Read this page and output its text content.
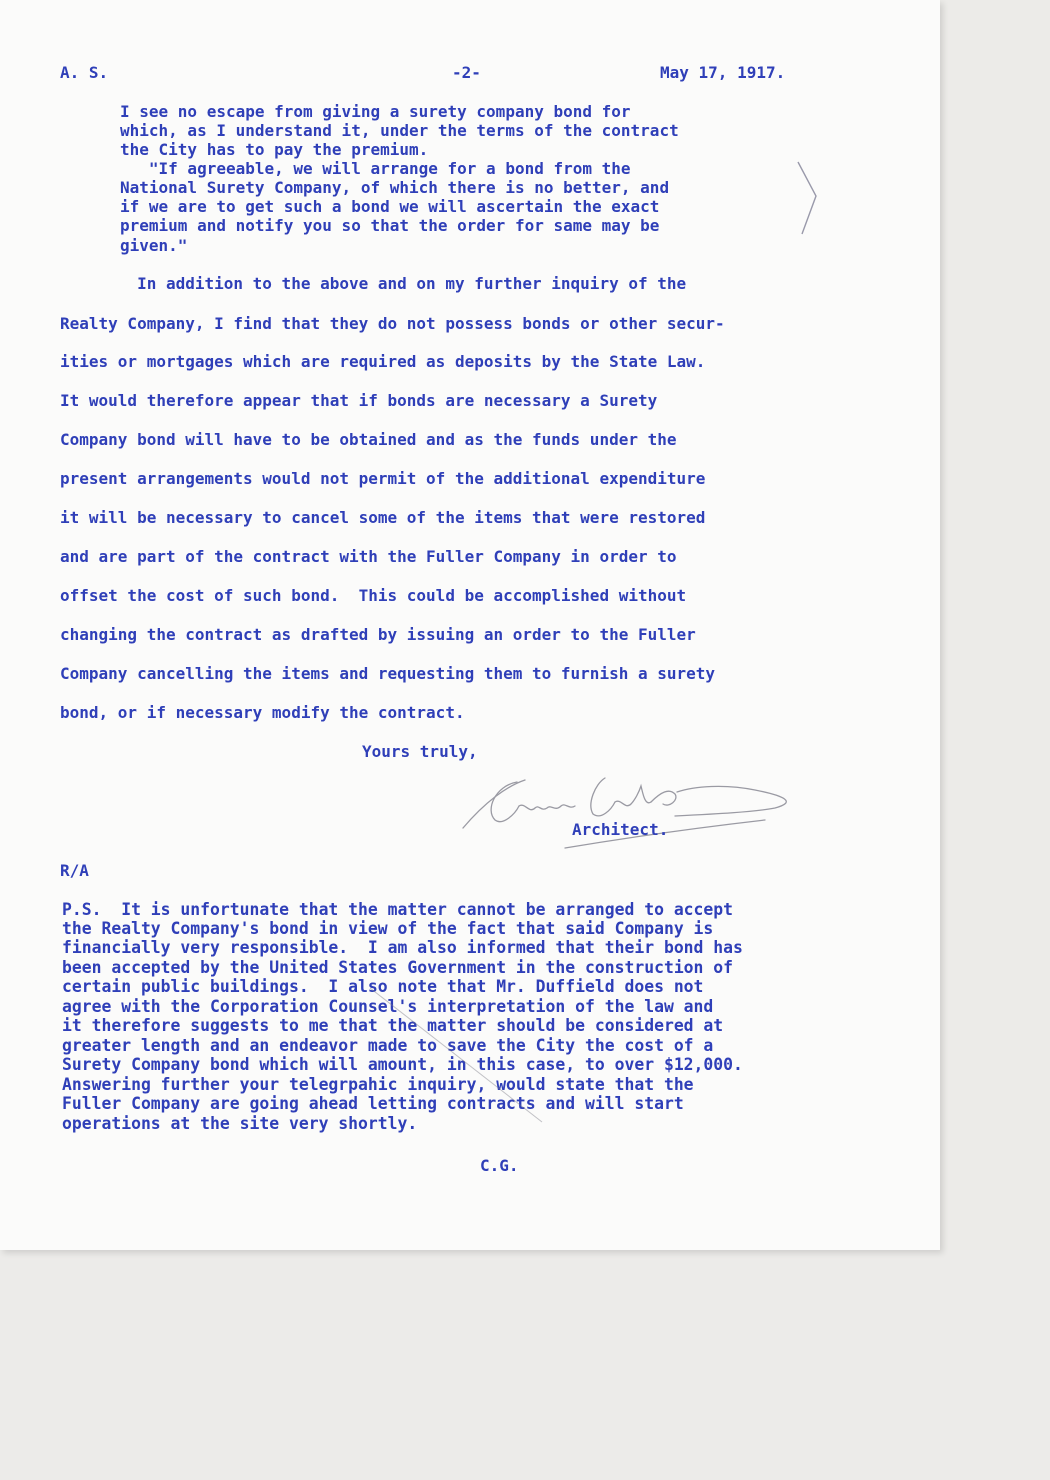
A. S.	-2-	May 17, 1917.
I see no escape from giving a surety company bond for
which, as I understand it, under the terms of the contract
the City has to pay the premium.
"If agreeable, we will arrange for a bond from the
National Surety Company, of which there is no better, and
if we are to get such a bond we will ascertain the exact
premium and notify you so that the order for same may be
given."
In addition to the above and on my further inquiry of the
Realty Company, I find that they do not possess bonds or other secur-
ities or mortgages which are required as deposits by the State Law.
It would therefore appear that if bonds are necessary a Surety
Company bond will have to be obtained and as the funds under the
present arrangements would not permit of the additional expenditure
it will be necessary to cancel some of the items that were restored
and are part of the contract with the Fuller Company in order to
offset the cost of such bond.  This could be accomplished without
changing the contract as drafted by issuing an order to the Fuller
Company cancelling the items and requesting them to furnish a surety
bond, or if necessary modify the contract.
Yours truly,
Architect.
R/A
P.S.  It is unfortunate that the matter cannot be arranged to accept
the Realty Company's bond in view of the fact that said Company is
financially very responsible.  I am also informed that their bond has
been accepted by the United States Government in the construction of
certain public buildings.  I also note that Mr. Duffield does not
agree with the Corporation Counsel's interpretation of the law and
it therefore suggests to me that the matter should be considered at
greater length and an endeavor made to save the City the cost of a
Surety Company bond which will amount, in this case, to over $12,000.
Answering further your telegrpahic inquiry, would state that the
Fuller Company are going ahead letting contracts and will start
operations at the site very shortly.
C.G.
